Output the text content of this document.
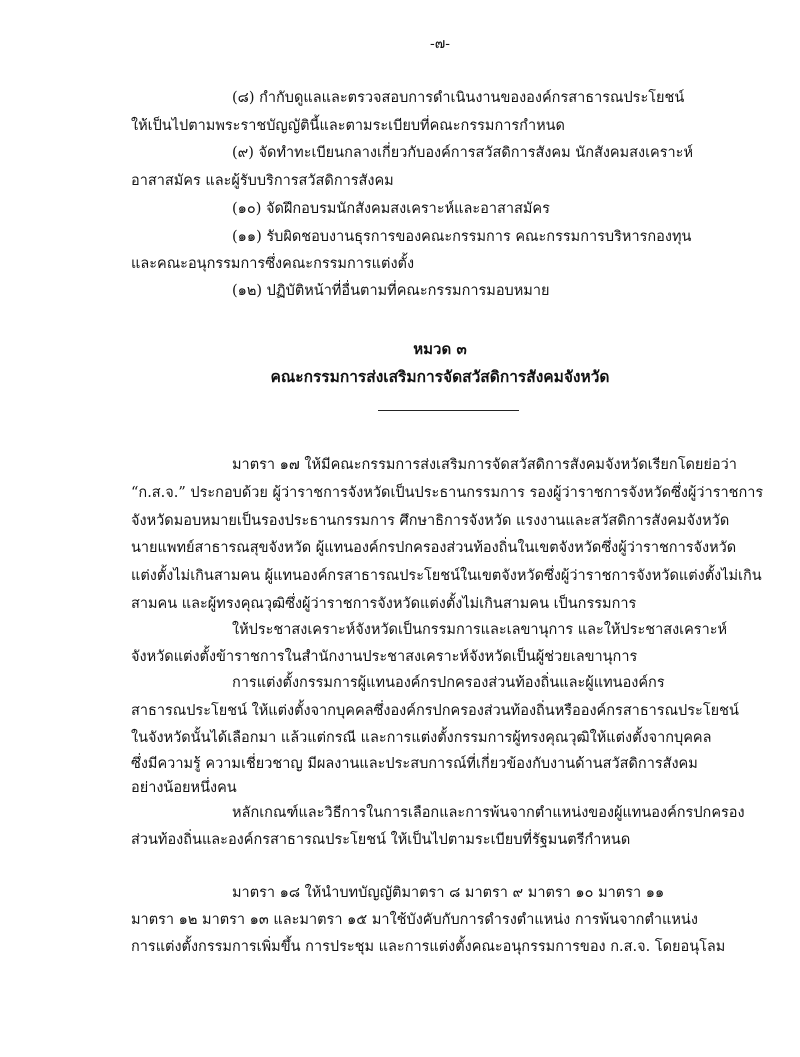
-๗-
(๘) กำกับดูแลและตรวจสอบการดำเนินงานขององค์กรสาธารณประโยชน์
ให้เป็นไปตามพระราชบัญญัตินี้และตามระเบียบที่คณะกรรมการกำหนด
(๙) จัดทำทะเบียนกลางเกี่ยวกับองค์การสวัสดิการสังคม นักสังคมสงเคราะห์
อาสาสมัคร และผู้รับบริการสวัสดิการสังคม
(๑๐) จัดฝึกอบรมนักสังคมสงเคราะห์และอาสาสมัคร
(๑๑) รับผิดชอบงานธุรการของคณะกรรมการ คณะกรรมการบริหารกองทุน
และคณะอนุกรรมการซึ่งคณะกรรมการแต่งตั้ง
(๑๒) ปฏิบัติหน้าที่อื่นตามที่คณะกรรมการมอบหมาย
หมวด ๓
คณะกรรมการส่งเสริมการจัดสวัสดิการสังคมจังหวัด
มาตรา ๑๗ ให้มีคณะกรรมการส่งเสริมการจัดสวัสดิการสังคมจังหวัดเรียกโดยย่อว่า
“ก.ส.จ.” ประกอบด้วย ผู้ว่าราชการจังหวัดเป็นประธานกรรมการ รองผู้ว่าราชการจังหวัดซึ่งผู้ว่าราชการ
จังหวัดมอบหมายเป็นรองประธานกรรมการ ศึกษาธิการจังหวัด แรงงานและสวัสดิการสังคมจังหวัด
นายแพทย์สาธารณสุขจังหวัด ผู้แทนองค์กรปกครองส่วนท้องถิ่นในเขตจังหวัดซึ่งผู้ว่าราชการจังหวัด
แต่งตั้งไม่เกินสามคน ผู้แทนองค์กรสาธารณประโยชน์ในเขตจังหวัดซึ่งผู้ว่าราชการจังหวัดแต่งตั้งไม่เกิน
สามคน และผู้ทรงคุณวุฒิซึ่งผู้ว่าราชการจังหวัดแต่งตั้งไม่เกินสามคน เป็นกรรมการ
ให้ประชาสงเคราะห์จังหวัดเป็นกรรมการและเลขานุการ และให้ประชาสงเคราะห์
จังหวัดแต่งตั้งข้าราชการในสำนักงานประชาสงเคราะห์จังหวัดเป็นผู้ช่วยเลขานุการ
การแต่งตั้งกรรมการผู้แทนองค์กรปกครองส่วนท้องถิ่นและผู้แทนองค์กร
สาธารณประโยชน์ ให้แต่งตั้งจากบุคคลซึ่งองค์กรปกครองส่วนท้องถิ่นหรือองค์กรสาธารณประโยชน์
ในจังหวัดนั้นได้เลือกมา แล้วแต่กรณี และการแต่งตั้งกรรมการผู้ทรงคุณวุฒิให้แต่งตั้งจากบุคคล
ซึ่งมีความรู้ ความเชี่ยวชาญ มีผลงานและประสบการณ์ที่เกี่ยวข้องกับงานด้านสวัสดิการสังคม
อย่างน้อยหนึ่งคน
หลักเกณฑ์และวิธีการในการเลือกและการพ้นจากตำแหน่งของผู้แทนองค์กรปกครอง
ส่วนท้องถิ่นและองค์กรสาธารณประโยชน์ ให้เป็นไปตามระเบียบที่รัฐมนตรีกำหนด
มาตรา ๑๘ ให้นำบทบัญญัติมาตรา ๘ มาตรา ๙ มาตรา ๑๐ มาตรา ๑๑
มาตรา ๑๒ มาตรา ๑๓ และมาตรา ๑๕ มาใช้บังคับกับการดำรงตำแหน่ง การพ้นจากตำแหน่ง
การแต่งตั้งกรรมการเพิ่มขึ้น การประชุม และการแต่งตั้งคณะอนุกรรมการของ ก.ส.จ. โดยอนุโลม
